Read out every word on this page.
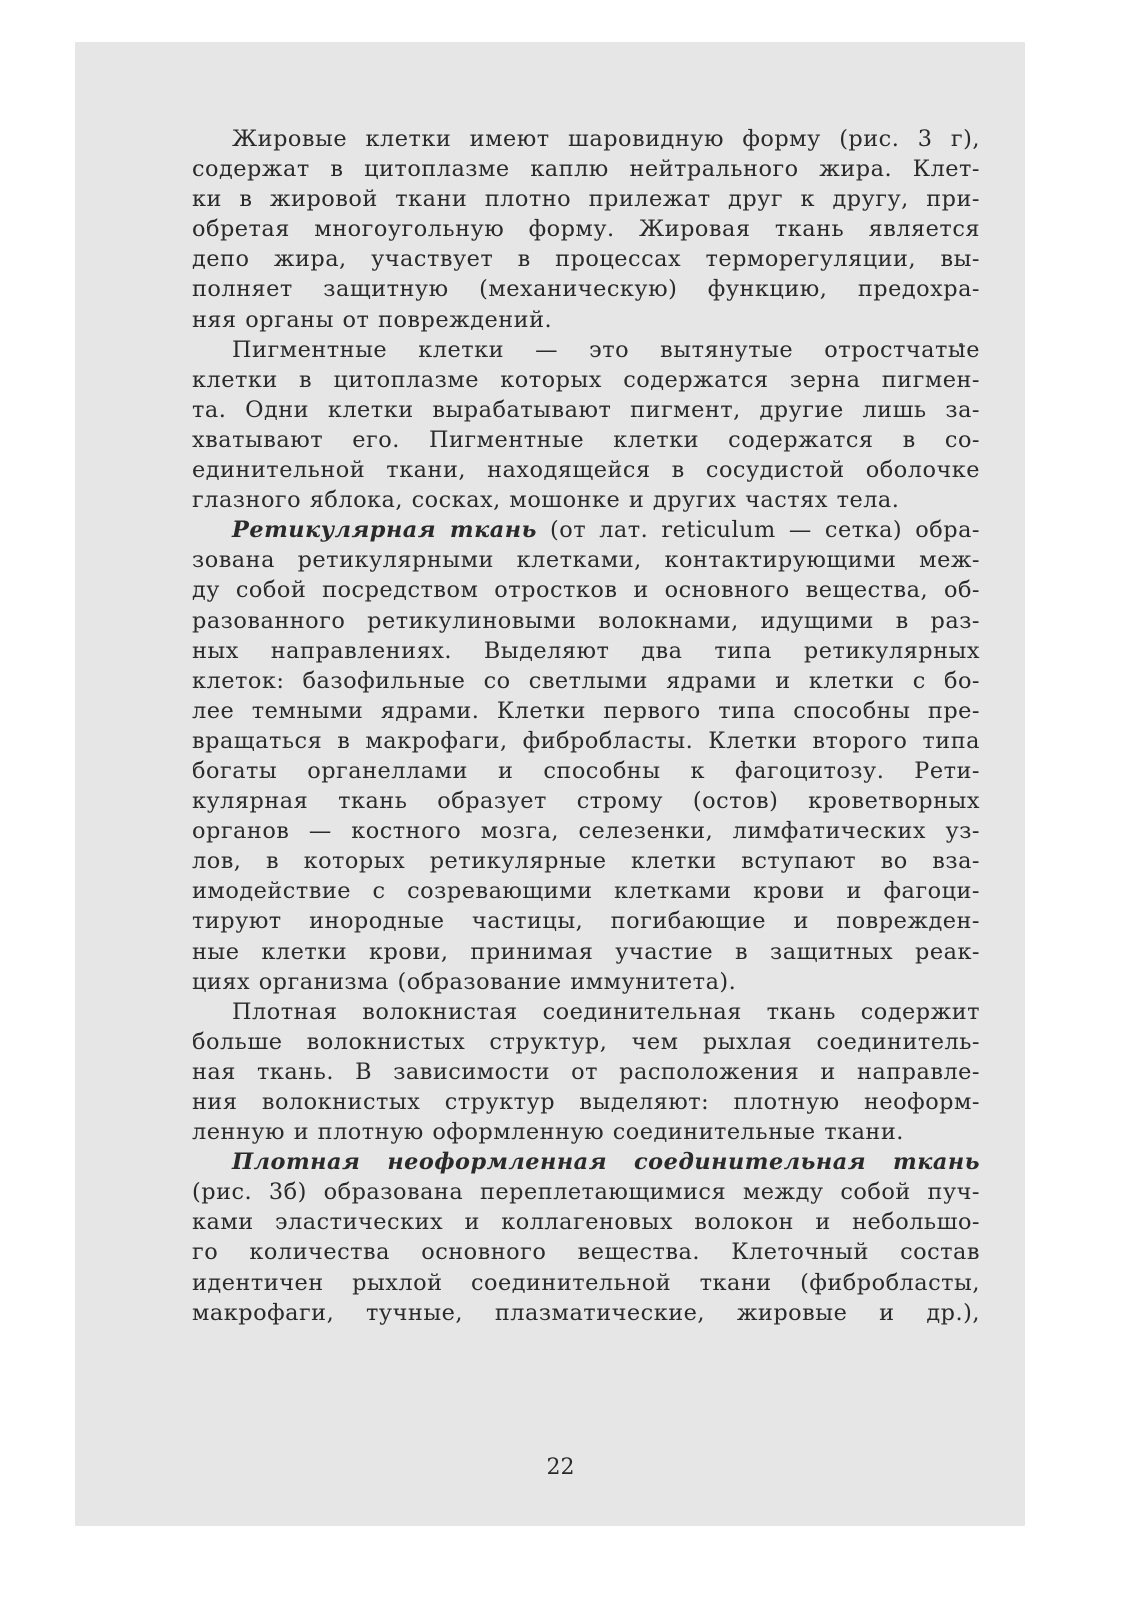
Жировые клетки имеют шаровидную форму (рис. 3 г),
содержат в цитоплазме каплю нейтрального жира. Клет-
ки в жировой ткани плотно прилежат друг к другу, при-
обретая многоугольную форму. Жировая ткань является
депо жира, участвует в процессах терморегуляции, вы-
полняет защитную (механическую) функцию, предохра-
няя органы от повреждений.
Пигментные клетки — это вытянутые отростчатые
клетки в цитоплазме которых содержатся зерна пигмен-
та. Одни клетки вырабатывают пигмент, другие лишь за-
хватывают его. Пигментные клетки содержатся в со-
единительной ткани, находящейся в сосудистой оболочке
глазного яблока, сосках, мошонке и других частях тела.
Ретикулярная ткань (от лат. reticulum — сетка) обра-
зована ретикулярными клетками, контактирующими меж-
ду собой посредством отростков и основного вещества, об-
разованного ретикулиновыми волокнами, идущими в раз-
ных направлениях. Выделяют два типа ретикулярных
клеток: базофильные со светлыми ядрами и клетки с бо-
лее темными ядрами. Клетки первого типа способны пре-
вращаться в макрофаги, фибробласты. Клетки второго типа
богаты органеллами и способны к фагоцитозу. Рети-
кулярная ткань образует строму (остов) кроветворных
органов — костного мозга, селезенки, лимфатических уз-
лов, в которых ретикулярные клетки вступают во вза-
имодействие с созревающими клетками крови и фагоци-
тируют инородные частицы, погибающие и поврежден-
ные клетки крови, принимая участие в защитных реак-
циях организма (образование иммунитета).
Плотная волокнистая соединительная ткань содержит
больше волокнистых структур, чем рыхлая соединитель-
ная ткань. В зависимости от расположения и направле-
ния волокнистых структур выделяют: плотную неоформ-
ленную и плотную оформленную соединительные ткани.
Плотная неоформленная соединительная ткань
(рис. 3б) образована переплетающимися между собой пуч-
ками эластических и коллагеновых волокон и небольшо-
го количества основного вещества. Клеточный состав
идентичен рыхлой соединительной ткани (фибробласты,
макрофаги, тучные, плазматические, жировые и др.),
22
